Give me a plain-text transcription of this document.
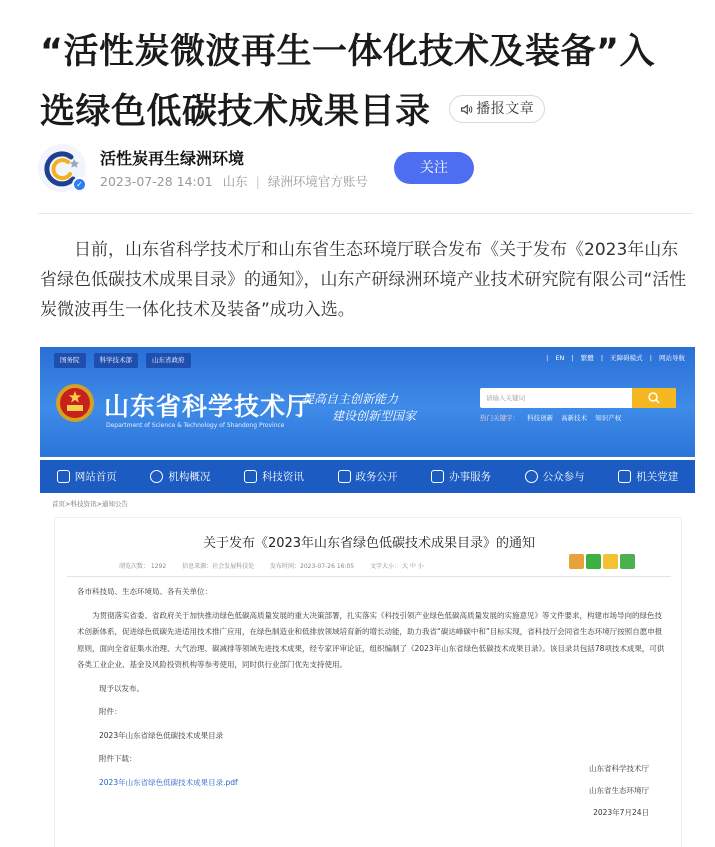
“活性炭微波再生一体化技术及装备”入选绿色低碳技术成果目录	播报文章
✓
活性炭再生绿洲环境
2023-07-28 14:01 山东 | 绿洲环境官方账号
关注

日前，山东省科学技术厅和山东省生态环境厅联合发布《关于发布《2023年山东省绿色低碳技术成果目录》的通知》，山东产研绿洲环境产业技术研究院有限公司“活性炭微波再生一体化技术及装备”成功入选。

国务院	科学技术部	山东省政府	| EN | 繁體 | 无障碍模式 | 网站导航
山东省科学技术厅
Department of Science & Technology of Shandong Province
提高自主创新能力
建设创新型国家
请输入关键词
热门关键字： 科技创新 高新技术 知识产权
网站首页	机构概况	科技资讯	政务公开	办事服务	公众参与	机关党建
首页>科技资讯>通知公告
关于发布《2023年山东省绿色低碳技术成果目录》的通知
浏览次数： 1292	信息来源：社会发展科技处	发布时间：2023-07-26 16:05	文字大小： 大 中 小

各市科技局、生态环境局、各有关单位：

为贯彻落实省委、省政府关于加快推动绿色低碳高质量发展的重大决策部署，扎实落实《科技引领产业绿色低碳高质量发展的实施意见》等文件要求，构建市场导向的绿色技术创新体系，促进绿色低碳先进适用技术推广应用，在绿色制造业和低排放领域培育新的增长动能，助力我省“碳达峰碳中和”目标实现，省科技厅会同省生态环境厅按照自愿申报原则，面向全省征集水治理、大气治理、碳减排等领域先进技术成果，经专家评审论证，组织编制了《2023年山东省绿色低碳技术成果目录》。该目录共包括78项技术成果，可供各类工业企业、基金及风险投资机构等参考使用，同时供行业部门优先支持使用。

现予以发布。

附件：

2023年山东省绿色低碳技术成果目录

附件下载：

2023年山东省绿色低碳技术成果目录.pdf

山东省科学技术厅
山东省生态环境厅
2023年7月24日
